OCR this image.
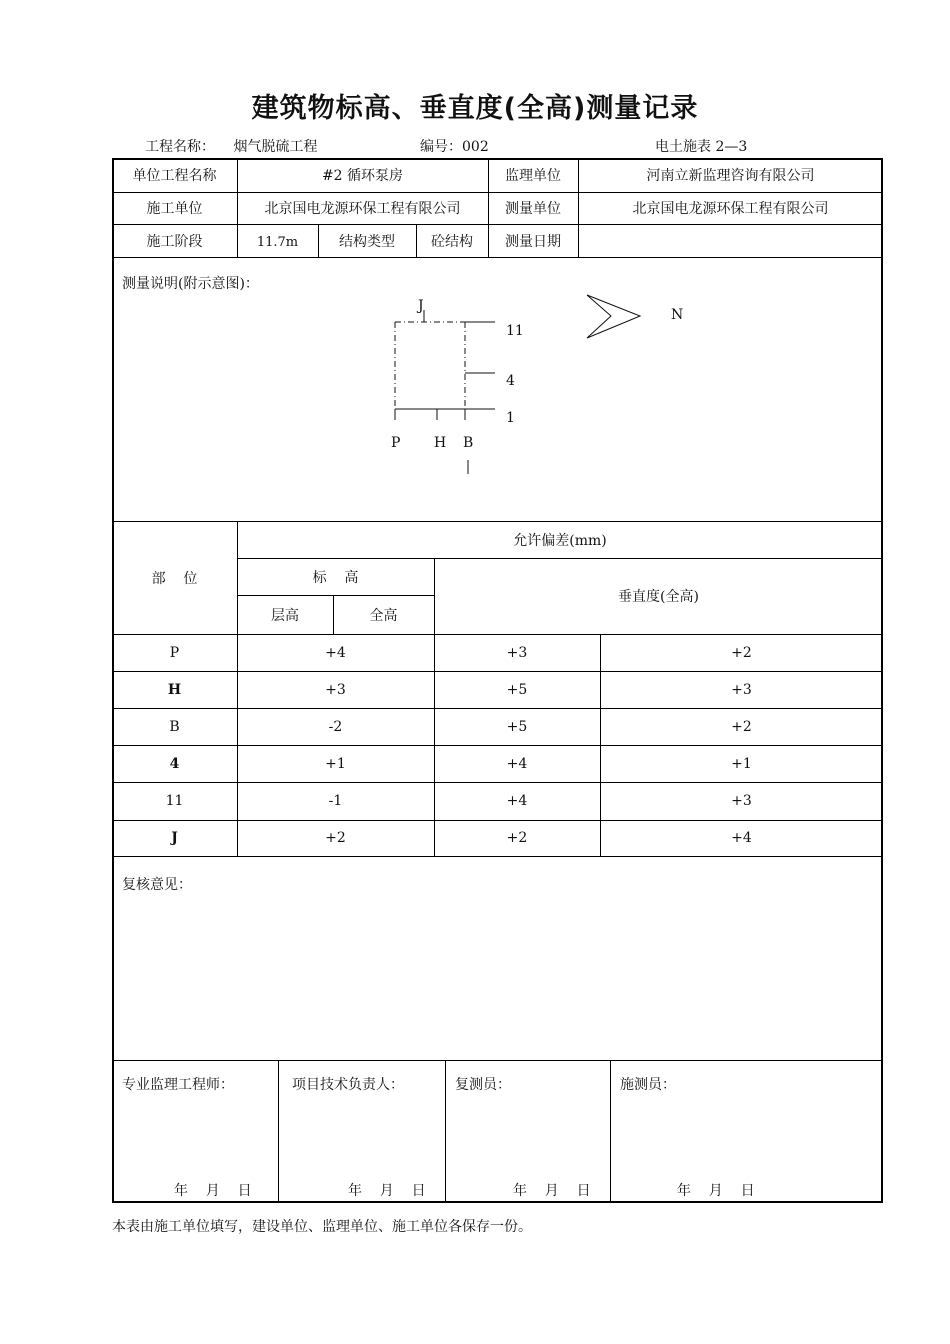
建筑物标高、垂直度(全高)测量记录
工程名称： 烟气脱硫工程	编号：002	电土施表 2—3
单位工程名称	#2 循环泵房	监理单位	河南立新监理咨询有限公司
施工单位	北京国电龙源环保工程有限公司	测量单位	北京国电龙源环保工程有限公司
施工阶段	11.7m	结构类型	砼结构	测量日期
测量说明(附示意图)：
J
P H B
11
4
1
N
部    位
允许偏差(mm)
标    高
垂直度(全高)
层高	全高
P	+4	+3	+2
H	+3	+5	+3
B	-2	+5	+2
4	+1	+4	+1
11	-1	+4	+3
J	+2	+2	+4
复核意见：
专业监理工程师：
年    月    日
项目技术负责人：
年    月    日
复测员：
年    月    日
施测员：
年    月    日
本表由施工单位填写，建设单位、监理单位、施工单位各保存一份。
